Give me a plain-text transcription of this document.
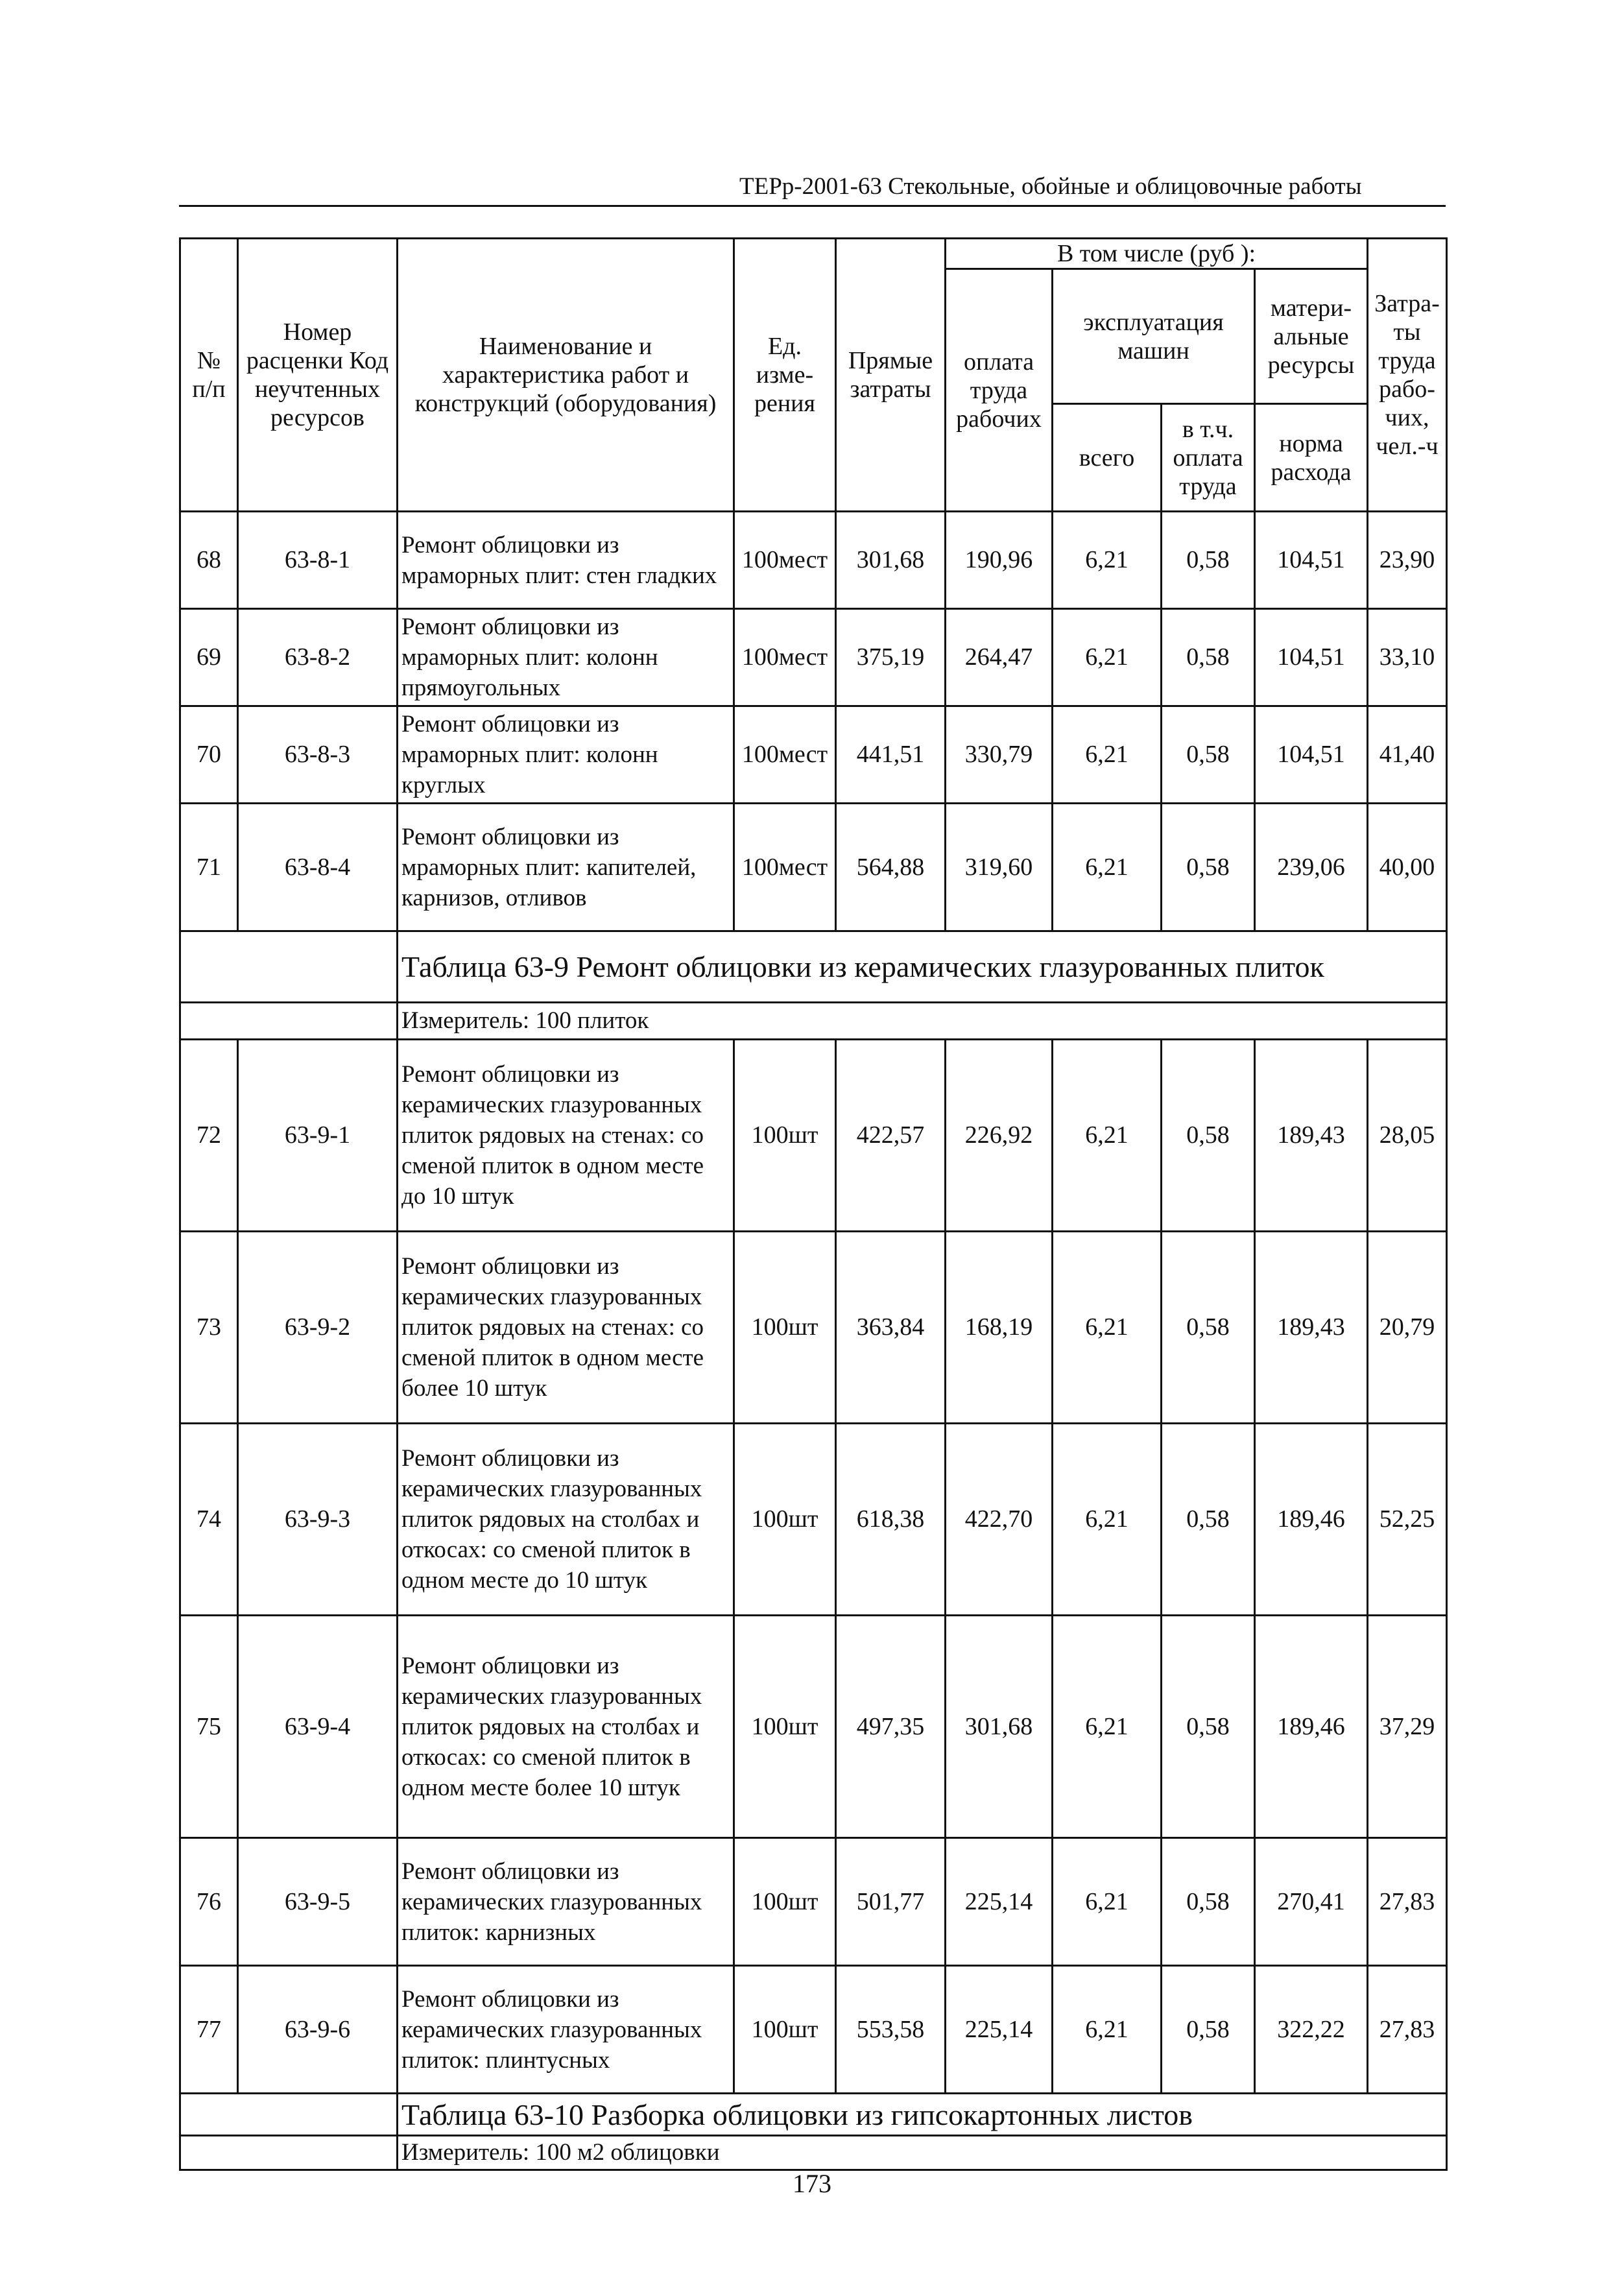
ТЕРр-2001-63 Стекольные, обойные и облицовочные работы
№ п/п	Номер расценки Код неучтенных ресурсов	Наименование и характеристика работ и конструкций (оборудования)	Ед. изме-рения	Прямые затраты	В том числе (руб ):				Затра-ты труда рабо-чих, чел.-ч
					оплата труда рабочих	эксплуатация машин		матери-альные ресурсы	
						всего	в т.ч. оплата труда	норма расхода	
68	63-8-1	Ремонт облицовки из мраморных плит: стен гладких	100мест	301,68	190,96	6,21	0,58	104,51	23,90
69	63-8-2	Ремонт облицовки из мраморных плит: колонн прямоугольных	100мест	375,19	264,47	6,21	0,58	104,51	33,10
70	63-8-3	Ремонт облицовки из мраморных плит: колонн круглых	100мест	441,51	330,79	6,21	0,58	104,51	41,40
71	63-8-4	Ремонт облицовки из мраморных плит: капителей, карнизов, отливов	100мест	564,88	319,60	6,21	0,58	239,06	40,00
		Таблица 63-9 Ремонт облицовки из керамических глазурованных плиток							
		Измеритель: 100 плиток							
72	63-9-1	Ремонт облицовки из керамических глазурованных плиток рядовых на стенах: со сменой плиток в одном месте до 10 штук	100шт	422,57	226,92	6,21	0,58	189,43	28,05
73	63-9-2	Ремонт облицовки из керамических глазурованных плиток рядовых на стенах: со сменой плиток в одном месте более 10 штук	100шт	363,84	168,19	6,21	0,58	189,43	20,79
74	63-9-3	Ремонт облицовки из керамических глазурованных плиток рядовых на столбах и откосах: со сменой плиток в одном месте до 10 штук	100шт	618,38	422,70	6,21	0,58	189,46	52,25
75	63-9-4	Ремонт облицовки из керамических глазурованных плиток рядовых на столбах и откосах: со сменой плиток в одном месте более 10 штук	100шт	497,35	301,68	6,21	0,58	189,46	37,29
76	63-9-5	Ремонт облицовки из керамических глазурованных плиток: карнизных	100шт	501,77	225,14	6,21	0,58	270,41	27,83
77	63-9-6	Ремонт облицовки из керамических глазурованных плиток: плинтусных	100шт	553,58	225,14	6,21	0,58	322,22	27,83
		Таблица 63-10 Разборка облицовки из гипсокартонных листов							
		Измеритель: 100 м2 облицовки							
173
